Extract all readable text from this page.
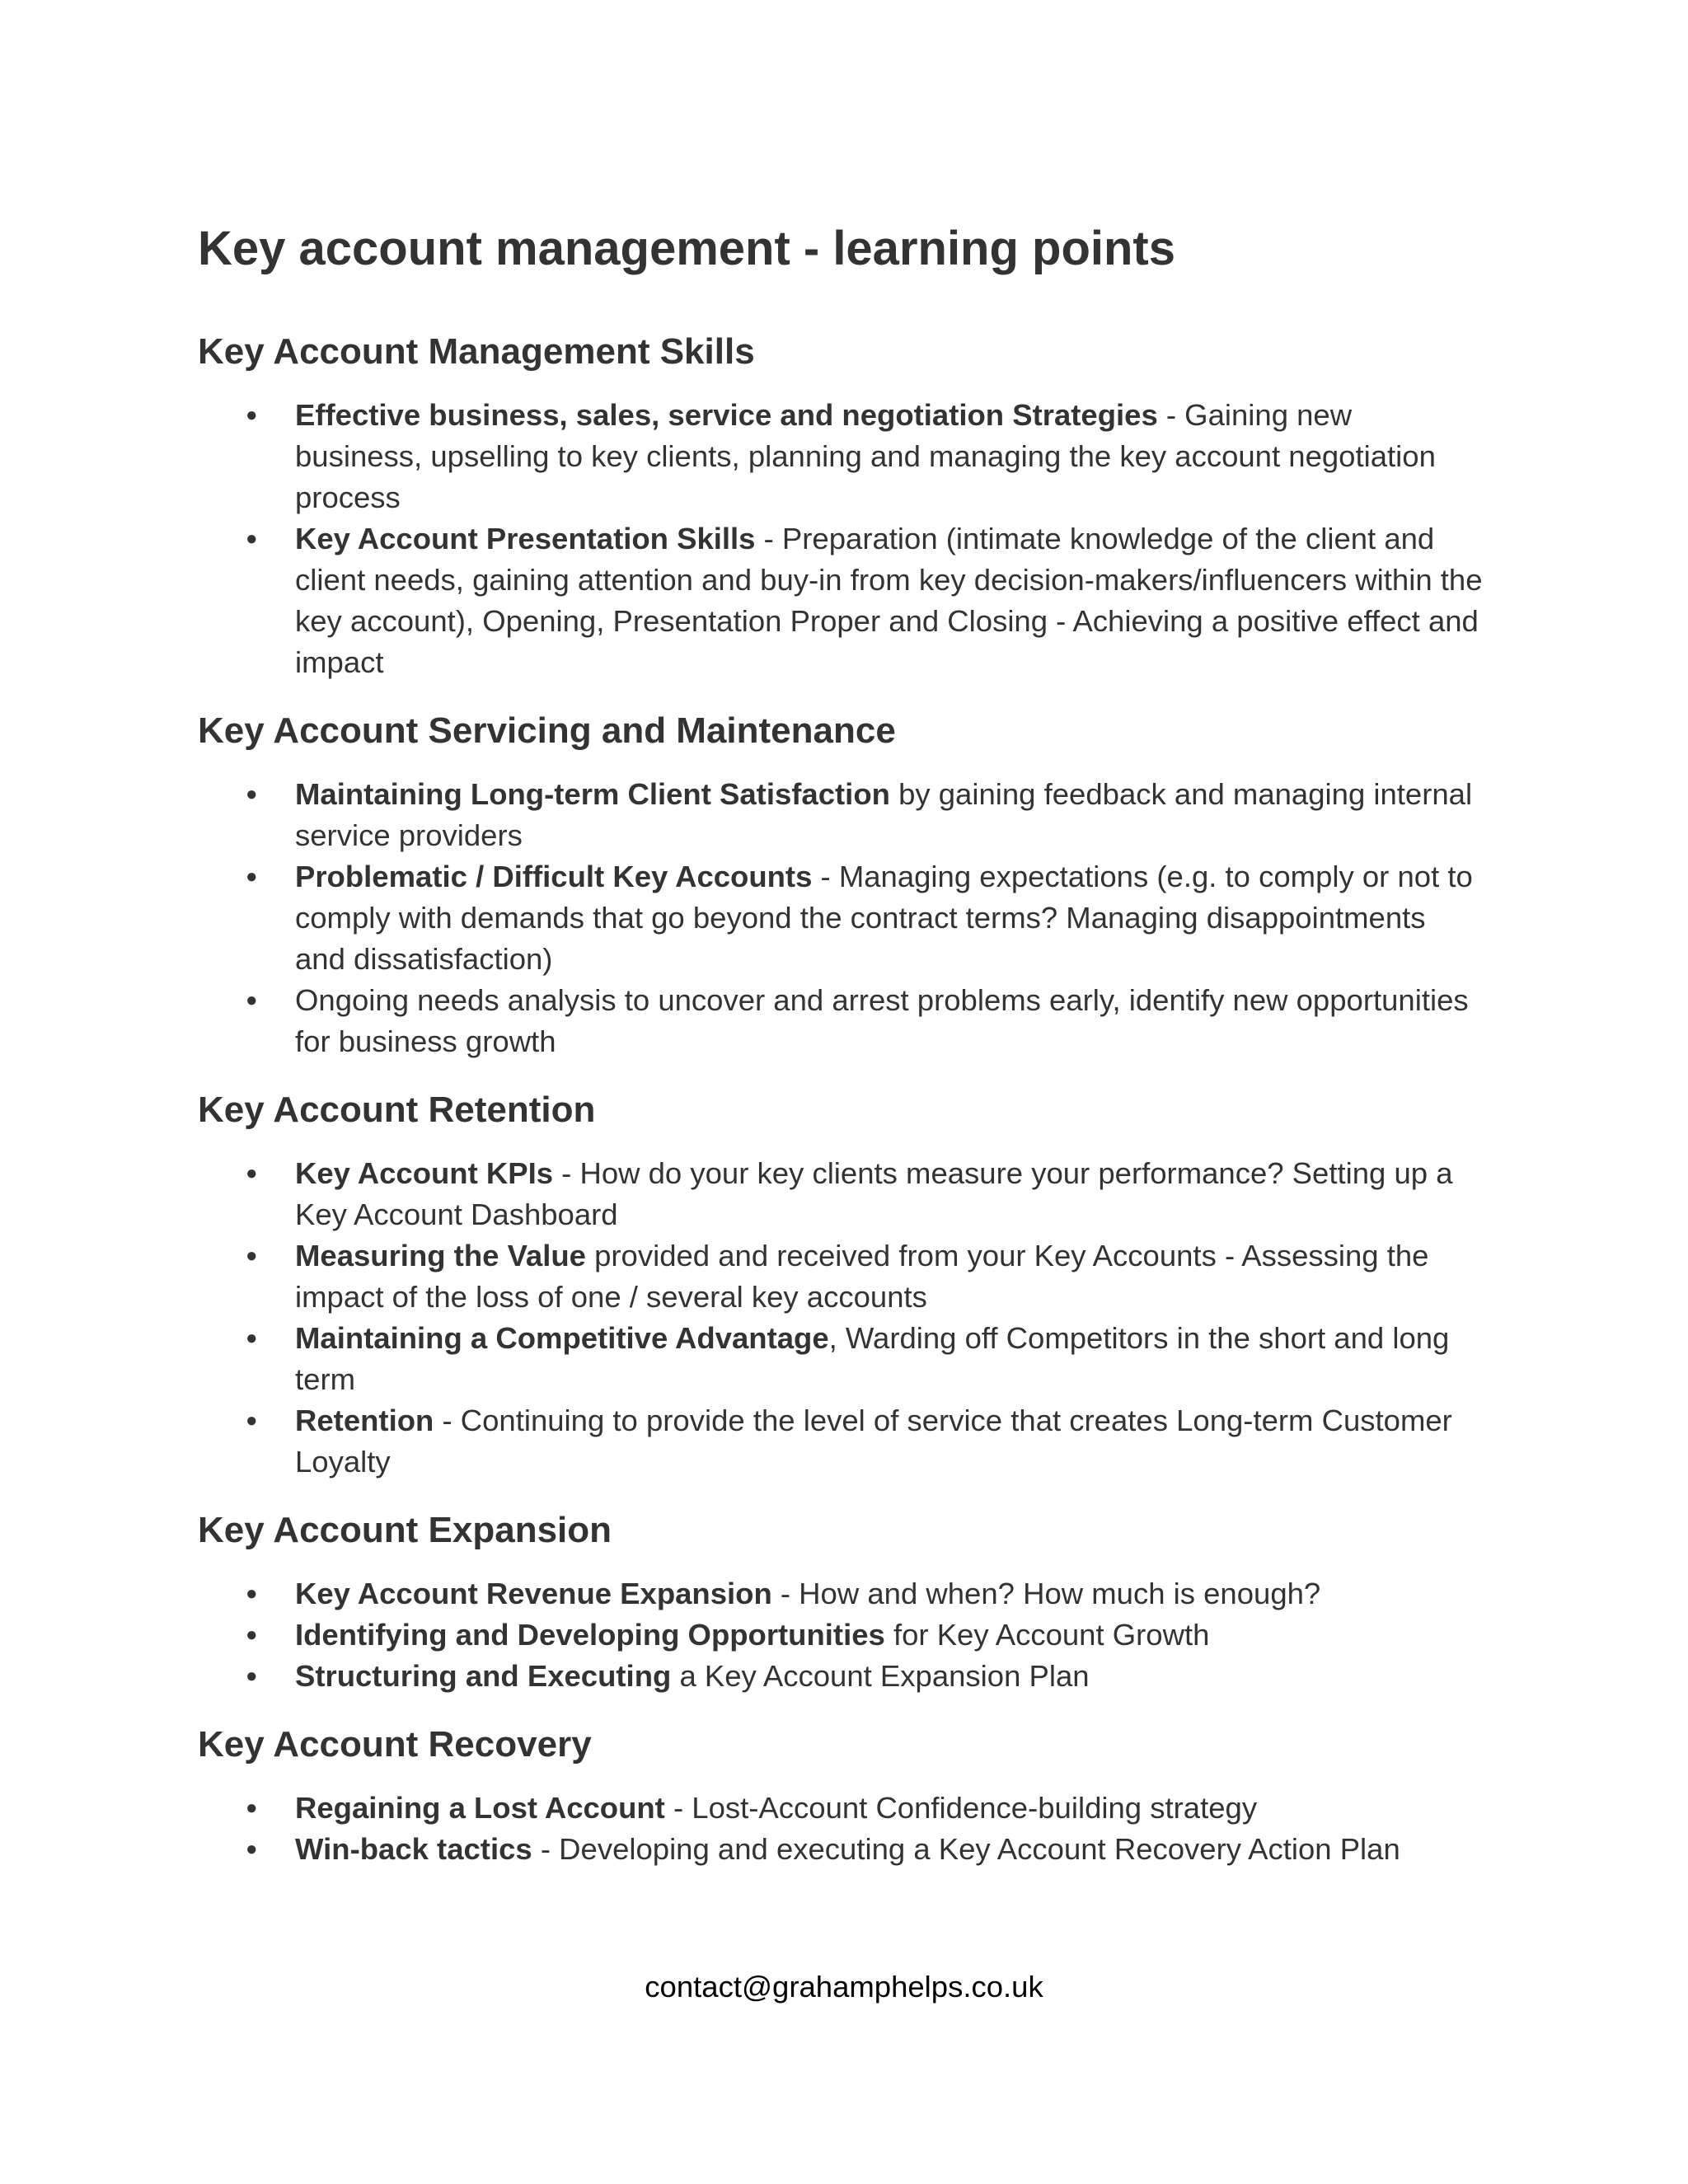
Key account management - learning points
Key Account Management Skills
● Effective business, sales, service and negotiation Strategies - Gaining new business, upselling to key clients, planning and managing the key account negotiation process
● Key Account Presentation Skills - Preparation (intimate knowledge of the client and client needs, gaining attention and buy-in from key decision-makers/influencers within the key account), Opening, Presentation Proper and Closing - Achieving a positive effect and impact
Key Account Servicing and Maintenance
● Maintaining Long-term Client Satisfaction by gaining feedback and managing internal service providers
● Problematic / Difficult Key Accounts - Managing expectations (e.g. to comply or not to comply with demands that go beyond the contract terms? Managing disappointments and dissatisfaction)
● Ongoing needs analysis to uncover and arrest problems early, identify new opportunities for business growth
Key Account Retention
● Key Account KPIs - How do your key clients measure your performance? Setting up a Key Account Dashboard
● Measuring the Value provided and received from your Key Accounts - Assessing the impact of the loss of one / several key accounts
● Maintaining a Competitive Advantage, Warding off Competitors in the short and long term
● Retention - Continuing to provide the level of service that creates Long-term Customer Loyalty
Key Account Expansion
● Key Account Revenue Expansion - How and when? How much is enough?
● Identifying and Developing Opportunities for Key Account Growth
● Structuring and Executing a Key Account Expansion Plan
Key Account Recovery
● Regaining a Lost Account - Lost-Account Confidence-building strategy
● Win-back tactics - Developing and executing a Key Account Recovery Action Plan
contact@grahamphelps.co.uk
